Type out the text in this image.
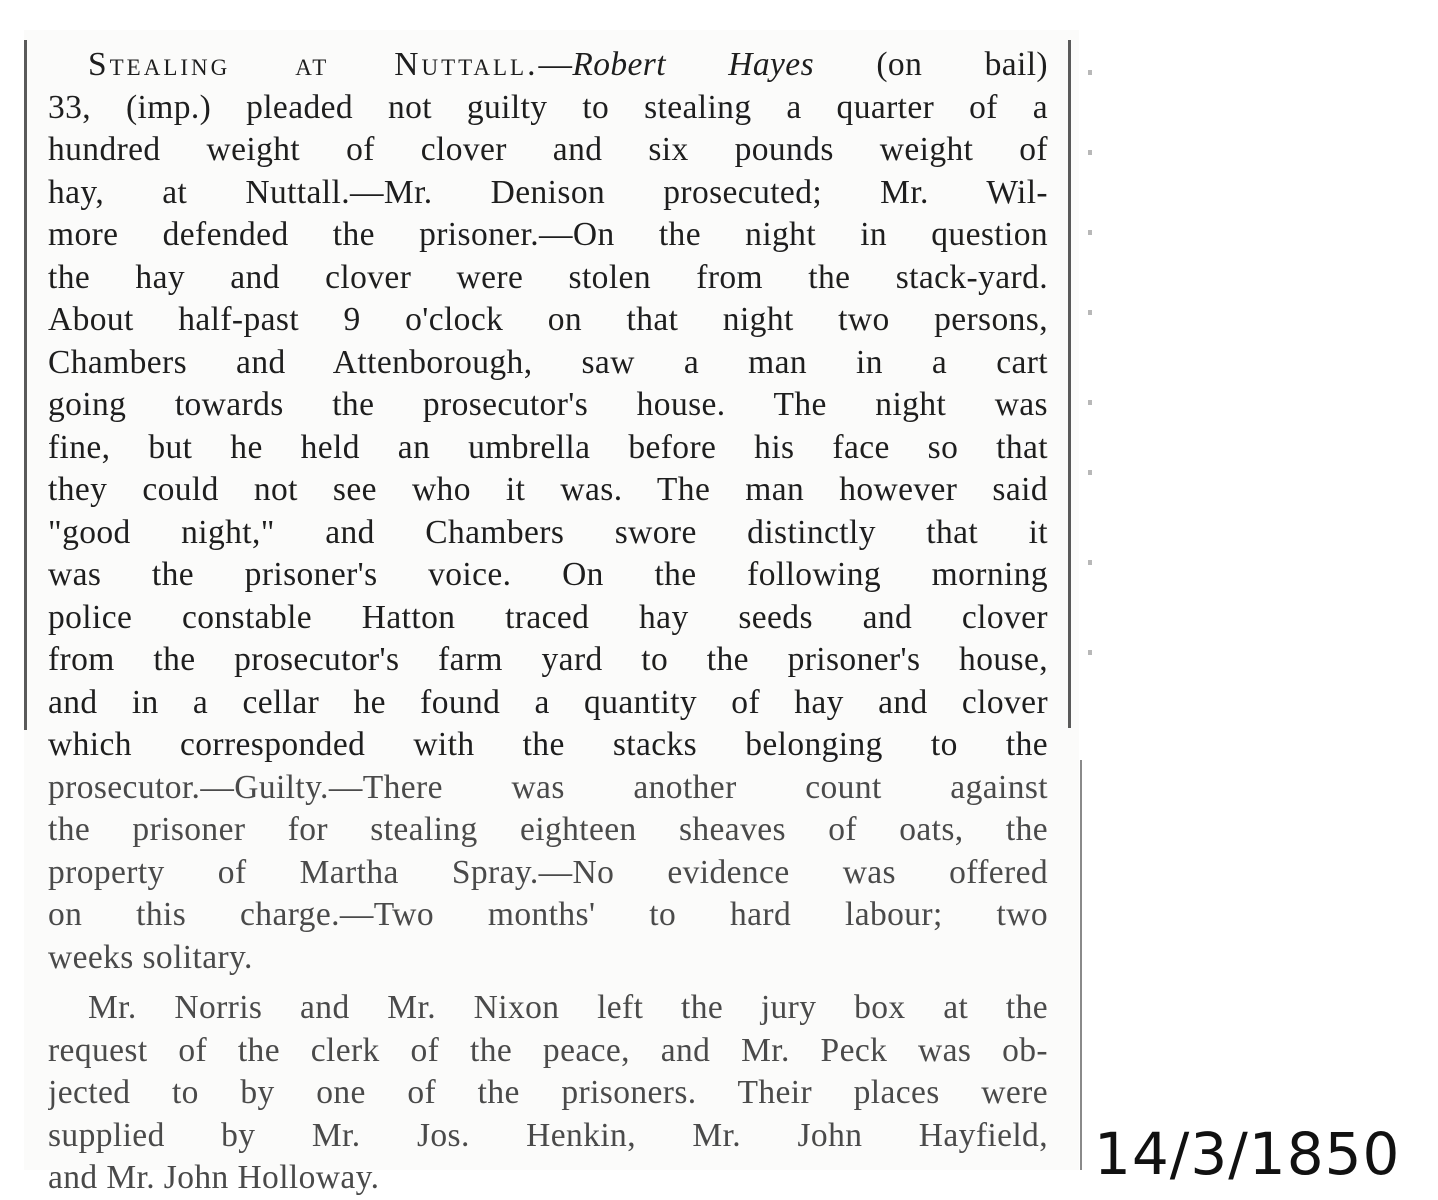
Stealing at Nuttall.—Robert Hayes (on bail)
33, (imp.) pleaded not guilty to stealing a quarter of a
hundred weight of clover and six pounds weight of
hay, at Nuttall.—Mr. Denison prosecuted; Mr. Wil-
more defended the prisoner.—On the night in question
the hay and clover were stolen from the stack-yard.
About half-past 9 o'clock on that night two persons,
Chambers and Attenborough, saw a man in a cart
going towards the prosecutor's house. The night was
fine, but he held an umbrella before his face so that
they could not see who it was. The man however said
"good night," and Chambers swore distinctly that it
was the prisoner's voice. On the following morning
police constable Hatton traced hay seeds and clover
from the prosecutor's farm yard to the prisoner's house,
and in a cellar he found a quantity of hay and clover
which corresponded with the stacks belonging to the
prosecutor.—Guilty.—There was another count against
the prisoner for stealing eighteen sheaves of oats, the
property of Martha Spray.—No evidence was offered
on this charge.—Two months' to hard labour; two
weeks solitary.
Mr. Norris and Mr. Nixon left the jury box at the
request of the clerk of the peace, and Mr. Peck was ob-
jected to by one of the prisoners. Their places were
supplied by Mr. Jos. Henkin, Mr. John Hayfield,
and Mr. John Holloway.	14/3/1850
